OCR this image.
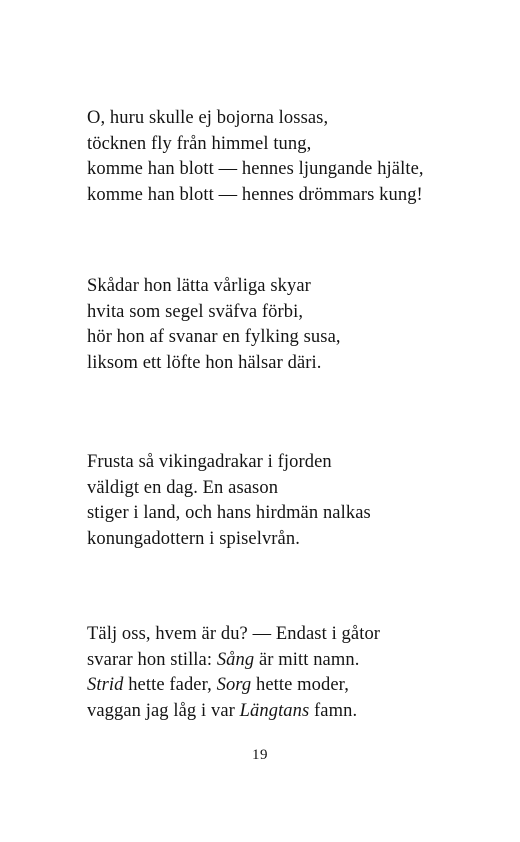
O, huru skulle ej bojorna lossas,
töcknen fly från himmel tung,
komme han blott — hennes ljungande hjälte,
komme han blott — hennes drömmars kung!
Skådar hon lätta vårliga skyar
hvita som segel sväfva förbi,
hör hon af svanar en fylking susa,
liksom ett löfte hon hälsar däri.
Frusta så vikingadrakar i fjorden
väldigt en dag. En asason
stiger i land, och hans hirdmän nalkas
konungadottern i spiselvrån.
Tälj oss, hvem är du? — Endast i gåtor
svarar hon stilla: Sång är mitt namn.
Strid hette fader, Sorg hette moder,
vaggan jag låg i var Längtans famn.
19
